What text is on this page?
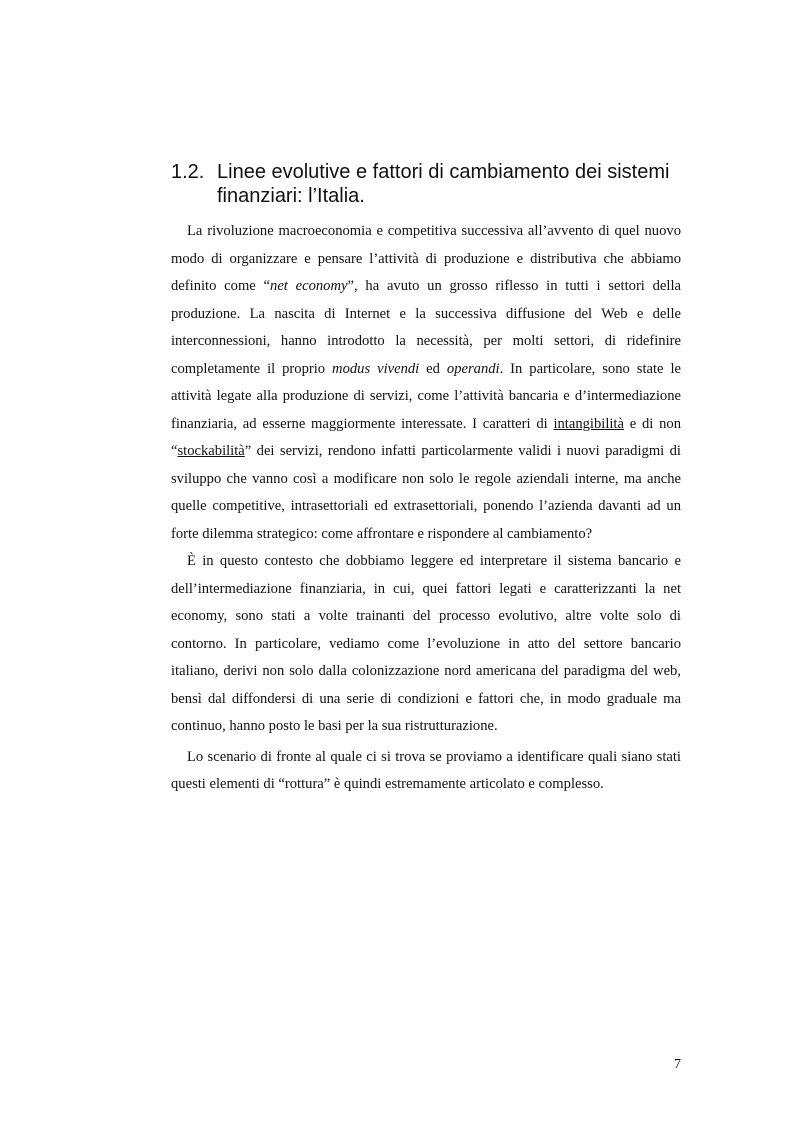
1.2. Linee evolutive e fattori di cambiamento dei sistemi finanziari: l’Italia.

La rivoluzione macroeconomia e competitiva successiva all’avvento di quel nuovo modo di organizzare e pensare l’attività di produzione e distributiva che abbiamo definito come “net economy”, ha avuto un grosso riflesso in tutti i settori della produzione. La nascita di Internet e la successiva diffusione del Web e delle interconnessioni, hanno introdotto la necessità, per molti settori, di ridefinire completamente il proprio modus vivendi ed operandi. In particolare, sono state le attività legate alla produzione di servizi, come l’attività bancaria e d’intermediazione finanziaria, ad esserne maggiormente interessate. I caratteri di intangibilità e di non “stockabilità” dei servizi, rendono infatti particolarmente validi i nuovi paradigmi di sviluppo che vanno così a modificare non solo le regole aziendali interne, ma anche quelle competitive, intrasettoriali ed extrasettoriali, ponendo l’azienda davanti ad un forte dilemma strategico: come affrontare e rispondere al cambiamento?

È in questo contesto che dobbiamo leggere ed interpretare il sistema bancario e dell’intermediazione finanziaria, in cui, quei fattori legati e caratterizzanti la net economy, sono stati a volte trainanti del processo evolutivo, altre volte solo di contorno. In particolare, vediamo come l’evoluzione in atto del settore bancario italiano, derivi non solo dalla colonizzazione nord americana del paradigma del web, bensì dal diffondersi di una serie di condizioni e fattori che, in modo graduale ma continuo, hanno posto le basi per la sua ristrutturazione.

Lo scenario di fronte al quale ci si trova se proviamo a identificare quali siano stati questi elementi di “rottura” è quindi estremamente articolato e complesso.

7
